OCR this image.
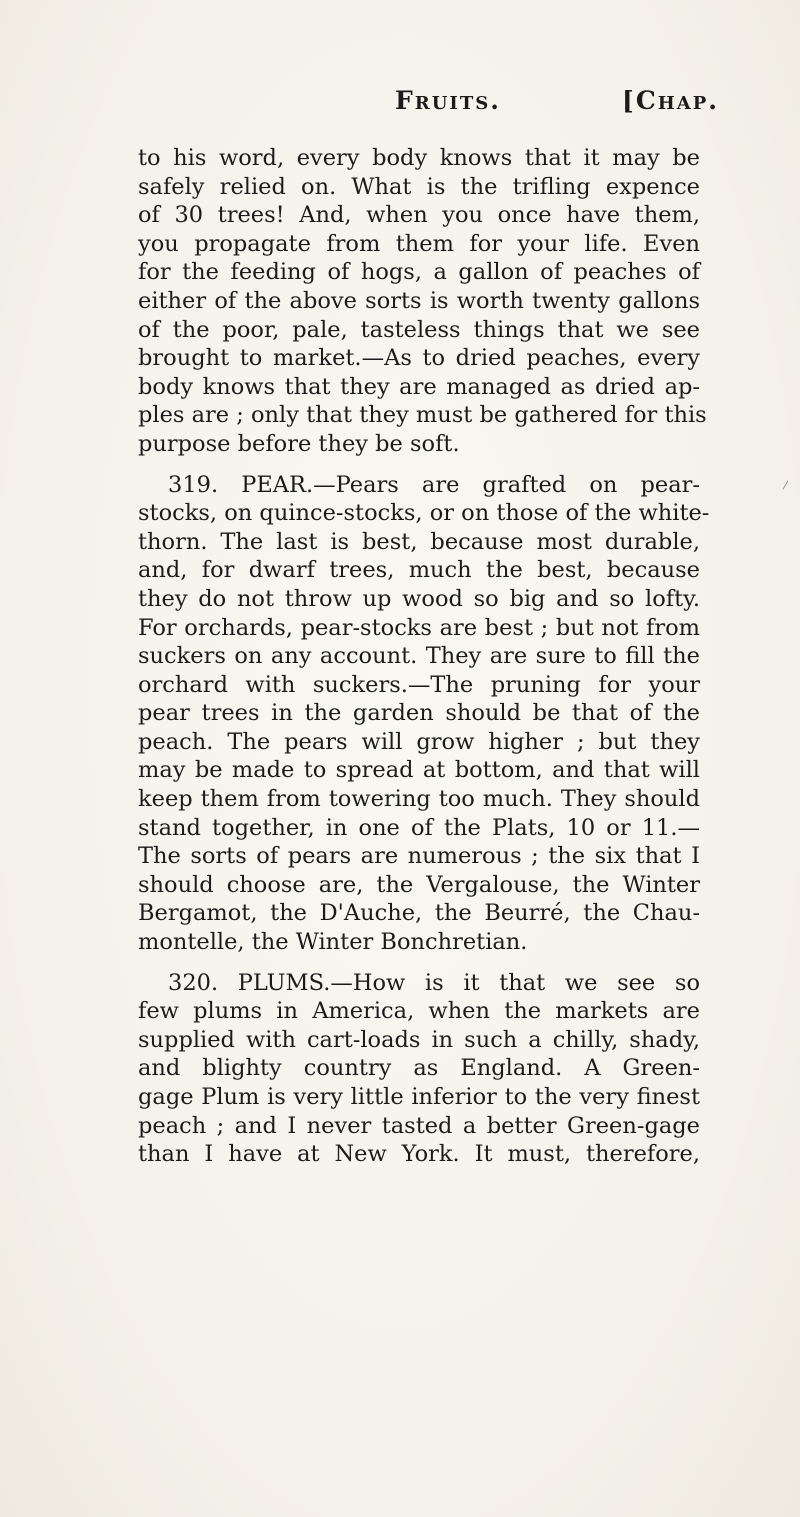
Fruits.	[Chap.
to his word, every body knows that it may be
safely relied on. What is the trifling expence
of 30 trees! And, when you once have them,
you propagate from them for your life. Even
for the feeding of hogs, a gallon of peaches of
either of the above sorts is worth twenty gallons
of the poor, pale, tasteless things that we see
brought to market.—As to dried peaches, every
body knows that they are managed as dried ap-
ples are ; only that they must be gathered for this
purpose before they be soft.
319. PEAR.—Pears are grafted on pear-
stocks, on quince-stocks, or on those of the white-
thorn. The last is best, because most durable,
and, for dwarf trees, much the best, because
they do not throw up wood so big and so lofty.
For orchards, pear-stocks are best ; but not from
suckers on any account. They are sure to fill the
orchard with suckers.—The pruning for your
pear trees in the garden should be that of the
peach. The pears will grow higher ; but they
may be made to spread at bottom, and that will
keep them from towering too much. They should
stand together, in one of the Plats, 10 or 11.—
The sorts of pears are numerous ; the six that I
should choose are, the Vergalouse, the Winter
Bergamot, the D'Auche, the Beurré, the Chau-
montelle, the Winter Bonchretian.
320. PLUMS.—How is it that we see so
few plums in America, when the markets are
supplied with cart-loads in such a chilly, shady,
and blighty country as England. A Green-
gage Plum is very little inferior to the very finest
peach ; and I never tasted a better Green-gage
than I have at New York. It must, therefore,
